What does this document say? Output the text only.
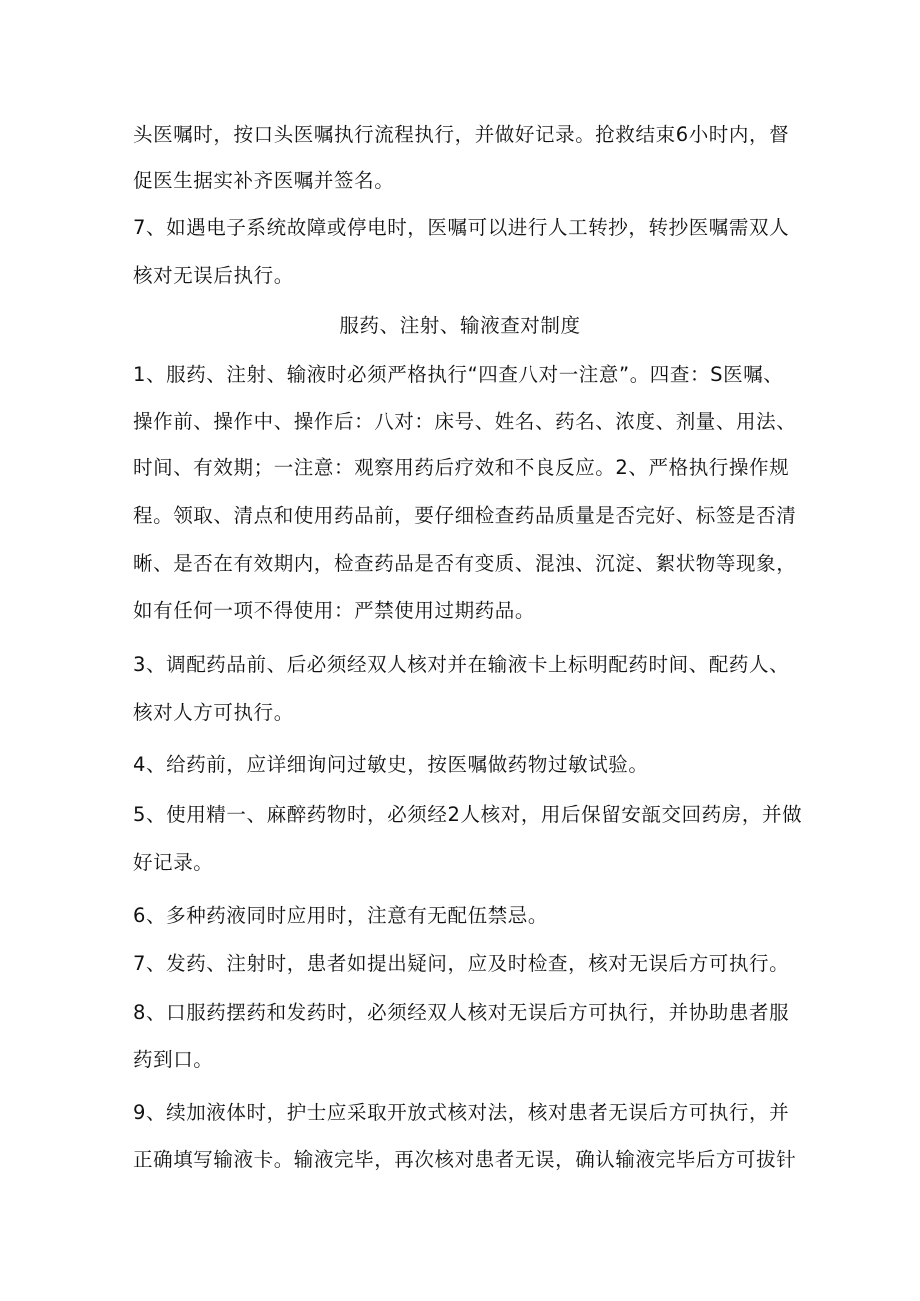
头医嘱时，按口头医嘱执行流程执行，并做好记录。抢救结束6小时内，督
促医生据实补齐医嘱并签名。
7、如遇电子系统故障或停电时，医嘱可以进行人工转抄，转抄医嘱需双人
核对无误后执行。
服药、注射、输液查对制度
1、服药、注射、输液时必须严格执行“四查八对一注意”。四查：S医嘱、
操作前、操作中、操作后：八对：床号、姓名、药名、浓度、剂量、用法、
时间、有效期；一注意：观察用药后疗效和不良反应。2、严格执行操作规
程。领取、清点和使用药品前，要仔细检查药品质量是否完好、标签是否清
晰、是否在有效期内，检查药品是否有变质、混浊、沉淀、絮状物等现象，
如有任何一项不得使用：严禁使用过期药品。
3、调配药品前、后必须经双人核对并在输液卡上标明配药时间、配药人、
核对人方可执行。
4、给药前，应详细询问过敏史，按医嘱做药物过敏试验。
5、使用精一、麻醉药物时，必须经2人核对，用后保留安瓿交回药房，并做
好记录。
6、多种药液同时应用时，注意有无配伍禁忌。
7、发药、注射时，患者如提出疑问，应及时检查，核对无误后方可执行。
8、口服药摆药和发药时，必须经双人核对无误后方可执行，并协助患者服
药到口。
9、续加液体时，护士应采取开放式核对法，核对患者无误后方可执行，并
正确填写输液卡。输液完毕，再次核对患者无误，确认输液完毕后方可拔针
